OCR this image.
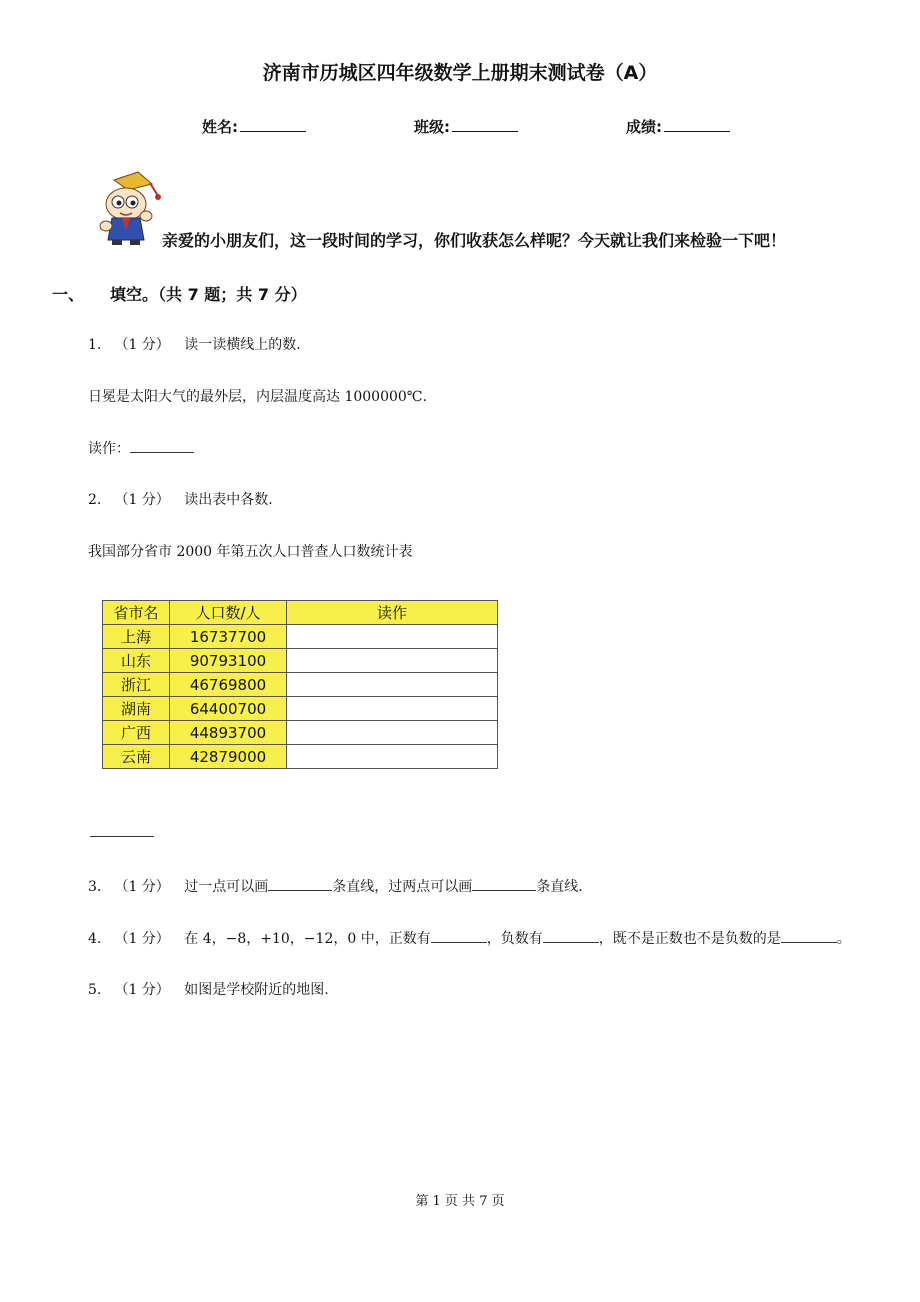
济南市历城区四年级数学上册期末测试卷（A）
姓名:	班级:	成绩:
亲爱的小朋友们，这一段时间的学习，你们收获怎么样呢？今天就让我们来检验一下吧！
一、 填空。（共 7 题；共 7 分）
1. （1 分） 读一读横线上的数.
日冕是太阳大气的最外层，内层温度高达 1000000℃.
读作：
2. （1 分） 读出表中各数.
我国部分省市 2000 年第五次人口普查人口数统计表
省市名	人口数/人	读作
上海	16737700	
山东	90793100	
浙江	46769800	
湖南	64400700	
广西	44893700	
云南	42879000	
3. （1 分） 过一点可以画	条直线，过两点可以画	条直线.
4. （1 分） 在 4，−8，+10，−12，0 中，正数有	，负数有	，既不是正数也不是负数的是	。
5. （1 分） 如图是学校附近的地图.
第 1 页 共 7 页
